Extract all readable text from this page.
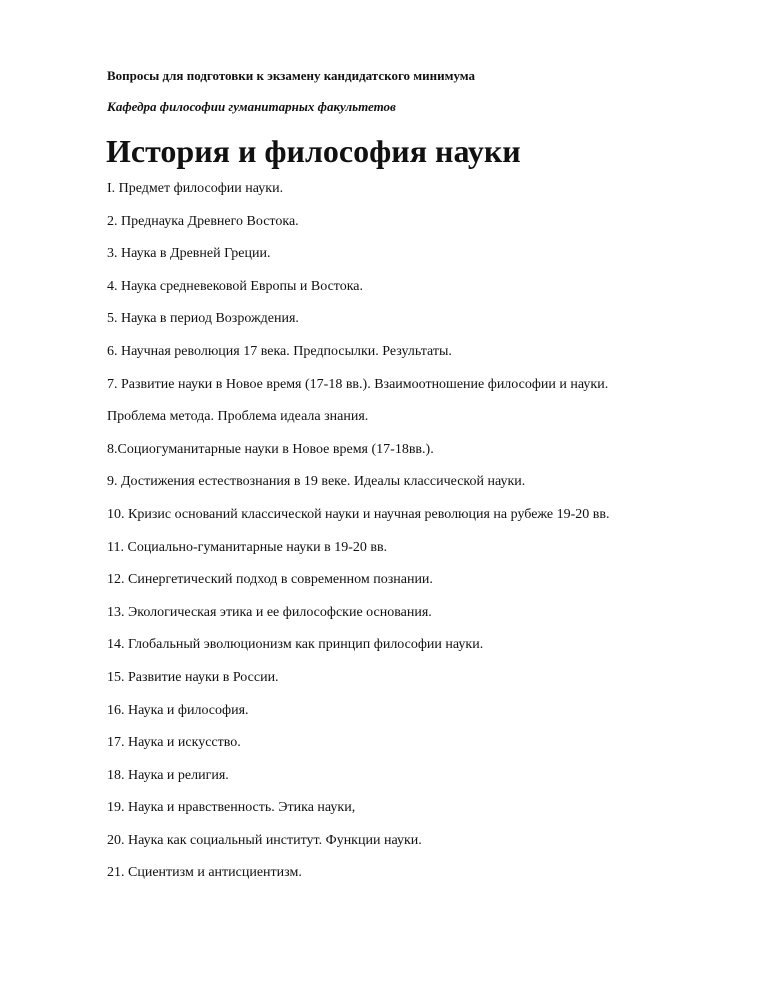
Вопросы для подготовки к экзамену кандидатского минимума
Кафедра философии гуманитарных факультетов
История и философия науки
I. Предмет философии науки.
2. Преднаука Древнего Востока.
3. Наука в Древней Греции.
4. Наука средневековой Европы и Востока.
5. Наука в период Возрождения.
6. Научная революция 17 века. Предпосылки. Результаты.
7. Развитие науки в Новое время (17-18 вв.). Взаимоотношение философии и науки.
Проблема метода. Проблема идеала знания.
8.Социогуманитарные науки в Новое время (17-18вв.).
9. Достижения естествознания в 19 веке. Идеалы классической науки.
10. Кризис оснований классической науки и научная революция на рубеже 19-20 вв.
11. Социально-гуманитарные науки в 19-20 вв.
12. Синергетический подход в современном познании.
13. Экологическая этика и ее философские основания.
14. Глобальный эволюционизм как принцип философии науки.
15. Развитие науки в России.
16. Наука и философия.
17. Наука и искусство.
18. Наука и религия.
19. Наука и нравственность. Этика науки,
20. Наука как социальный институт. Функции науки.
21. Сциентизм и антисциентизм.
